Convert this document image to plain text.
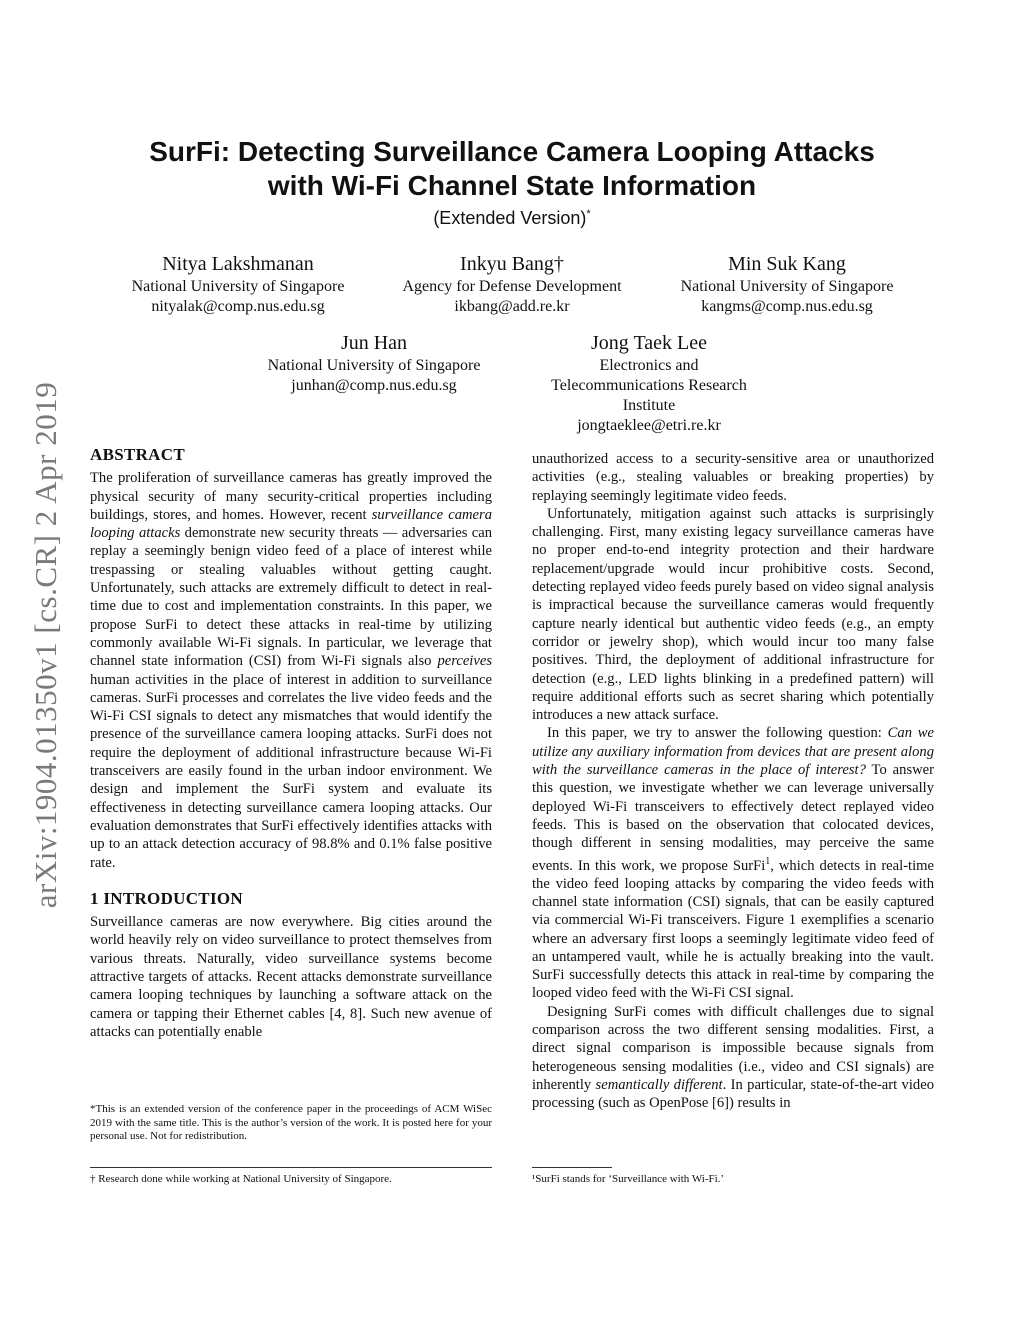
arXiv:1904.01350v1 [cs.CR] 2 Apr 2019
SurFi: Detecting Surveillance Camera Looping Attacks
with Wi-Fi Channel State Information
(Extended Version)*
Nitya Lakshmanan
National University of Singapore
nityalak@comp.nus.edu.sg
Inkyu Bang†
Agency for Defense Development
ikbang@add.re.kr
Min Suk Kang
National University of Singapore
kangms@comp.nus.edu.sg
Jun Han
National University of Singapore
junhan@comp.nus.edu.sg
Jong Taek Lee
Electronics and
Telecommunications Research
Institute
jongtaeklee@etri.re.kr
ABSTRACT

The proliferation of surveillance cameras has greatly improved the physical security of many security-critical properties including buildings, stores, and homes. However, recent surveillance camera looping attacks demonstrate new security threats — adversaries can replay a seemingly benign video feed of a place of interest while trespassing or stealing valuables without getting caught. Unfortunately, such attacks are extremely difficult to detect in real-time due to cost and implementation constraints. In this paper, we propose SurFi to detect these attacks in real-time by utilizing commonly available Wi-Fi signals. In particular, we leverage that channel state information (CSI) from Wi-Fi signals also perceives human activities in the place of interest in addition to surveillance cameras. SurFi processes and correlates the live video feeds and the Wi-Fi CSI signals to detect any mismatches that would identify the presence of the surveillance camera looping attacks. SurFi does not require the deployment of additional infrastructure because Wi-Fi transceivers are easily found in the urban indoor environment. We design and implement the SurFi system and evaluate its effectiveness in detecting surveillance camera looping attacks. Our evaluation demonstrates that SurFi effectively identifies attacks with up to an attack detection accuracy of 98.8% and 0.1% false positive rate.

1 INTRODUCTION

Surveillance cameras are now everywhere. Big cities around the world heavily rely on video surveillance to protect themselves from various threats. Naturally, video surveillance systems become attractive targets of attacks. Recent attacks demonstrate surveillance camera looping techniques by launching a software attack on the camera or tapping their Ethernet cables [4, 8]. Such new avenue of attacks can potentially enable

*This is an extended version of the conference paper in the proceedings of ACM WiSec 2019 with the same title. This is the author’s version of the work. It is posted here for your personal use. Not for redistribution.
† Research done while working at National University of Singapore.

unauthorized access to a security-sensitive area or unauthorized activities (e.g., stealing valuables or breaking properties) by replaying seemingly legitimate video feeds.

Unfortunately, mitigation against such attacks is surprisingly challenging. First, many existing legacy surveillance cameras have no proper end-to-end integrity protection and their hardware replacement/upgrade would incur prohibitive costs. Second, detecting replayed video feeds purely based on video signal analysis is impractical because the surveillance cameras would frequently capture nearly identical but authentic video feeds (e.g., an empty corridor or jewelry shop), which would incur too many false positives. Third, the deployment of additional infrastructure for detection (e.g., LED lights blinking in a predefined pattern) will require additional efforts such as secret sharing which potentially introduces a new attack surface.

In this paper, we try to answer the following question: Can we utilize any auxiliary information from devices that are present along with the surveillance cameras in the place of interest? To answer this question, we investigate whether we can leverage universally deployed Wi-Fi transceivers to effectively detect replayed video feeds. This is based on the observation that colocated devices, though different in sensing modalities, may perceive the same events. In this work, we propose SurFi$^1$, which detects in real-time the video feed looping attacks by comparing the video feeds with channel state information (CSI) signals, that can be easily captured via commercial Wi-Fi transceivers. Figure 1 exemplifies a scenario where an adversary first loops a seemingly legitimate video feed of an untampered vault, while he is actually breaking into the vault. SurFi successfully detects this attack in real-time by comparing the looped video feed with the Wi-Fi CSI signal.

Designing SurFi comes with difficult challenges due to signal comparison across the two different sensing modalities. First, a direct signal comparison is impossible because signals from heterogeneous sensing modalities (i.e., video and CSI signals) are inherently semantically different. In particular, state-of-the-art video processing (such as OpenPose [6]) results in

¹SurFi stands for ‘Surveillance with Wi-Fi.’
